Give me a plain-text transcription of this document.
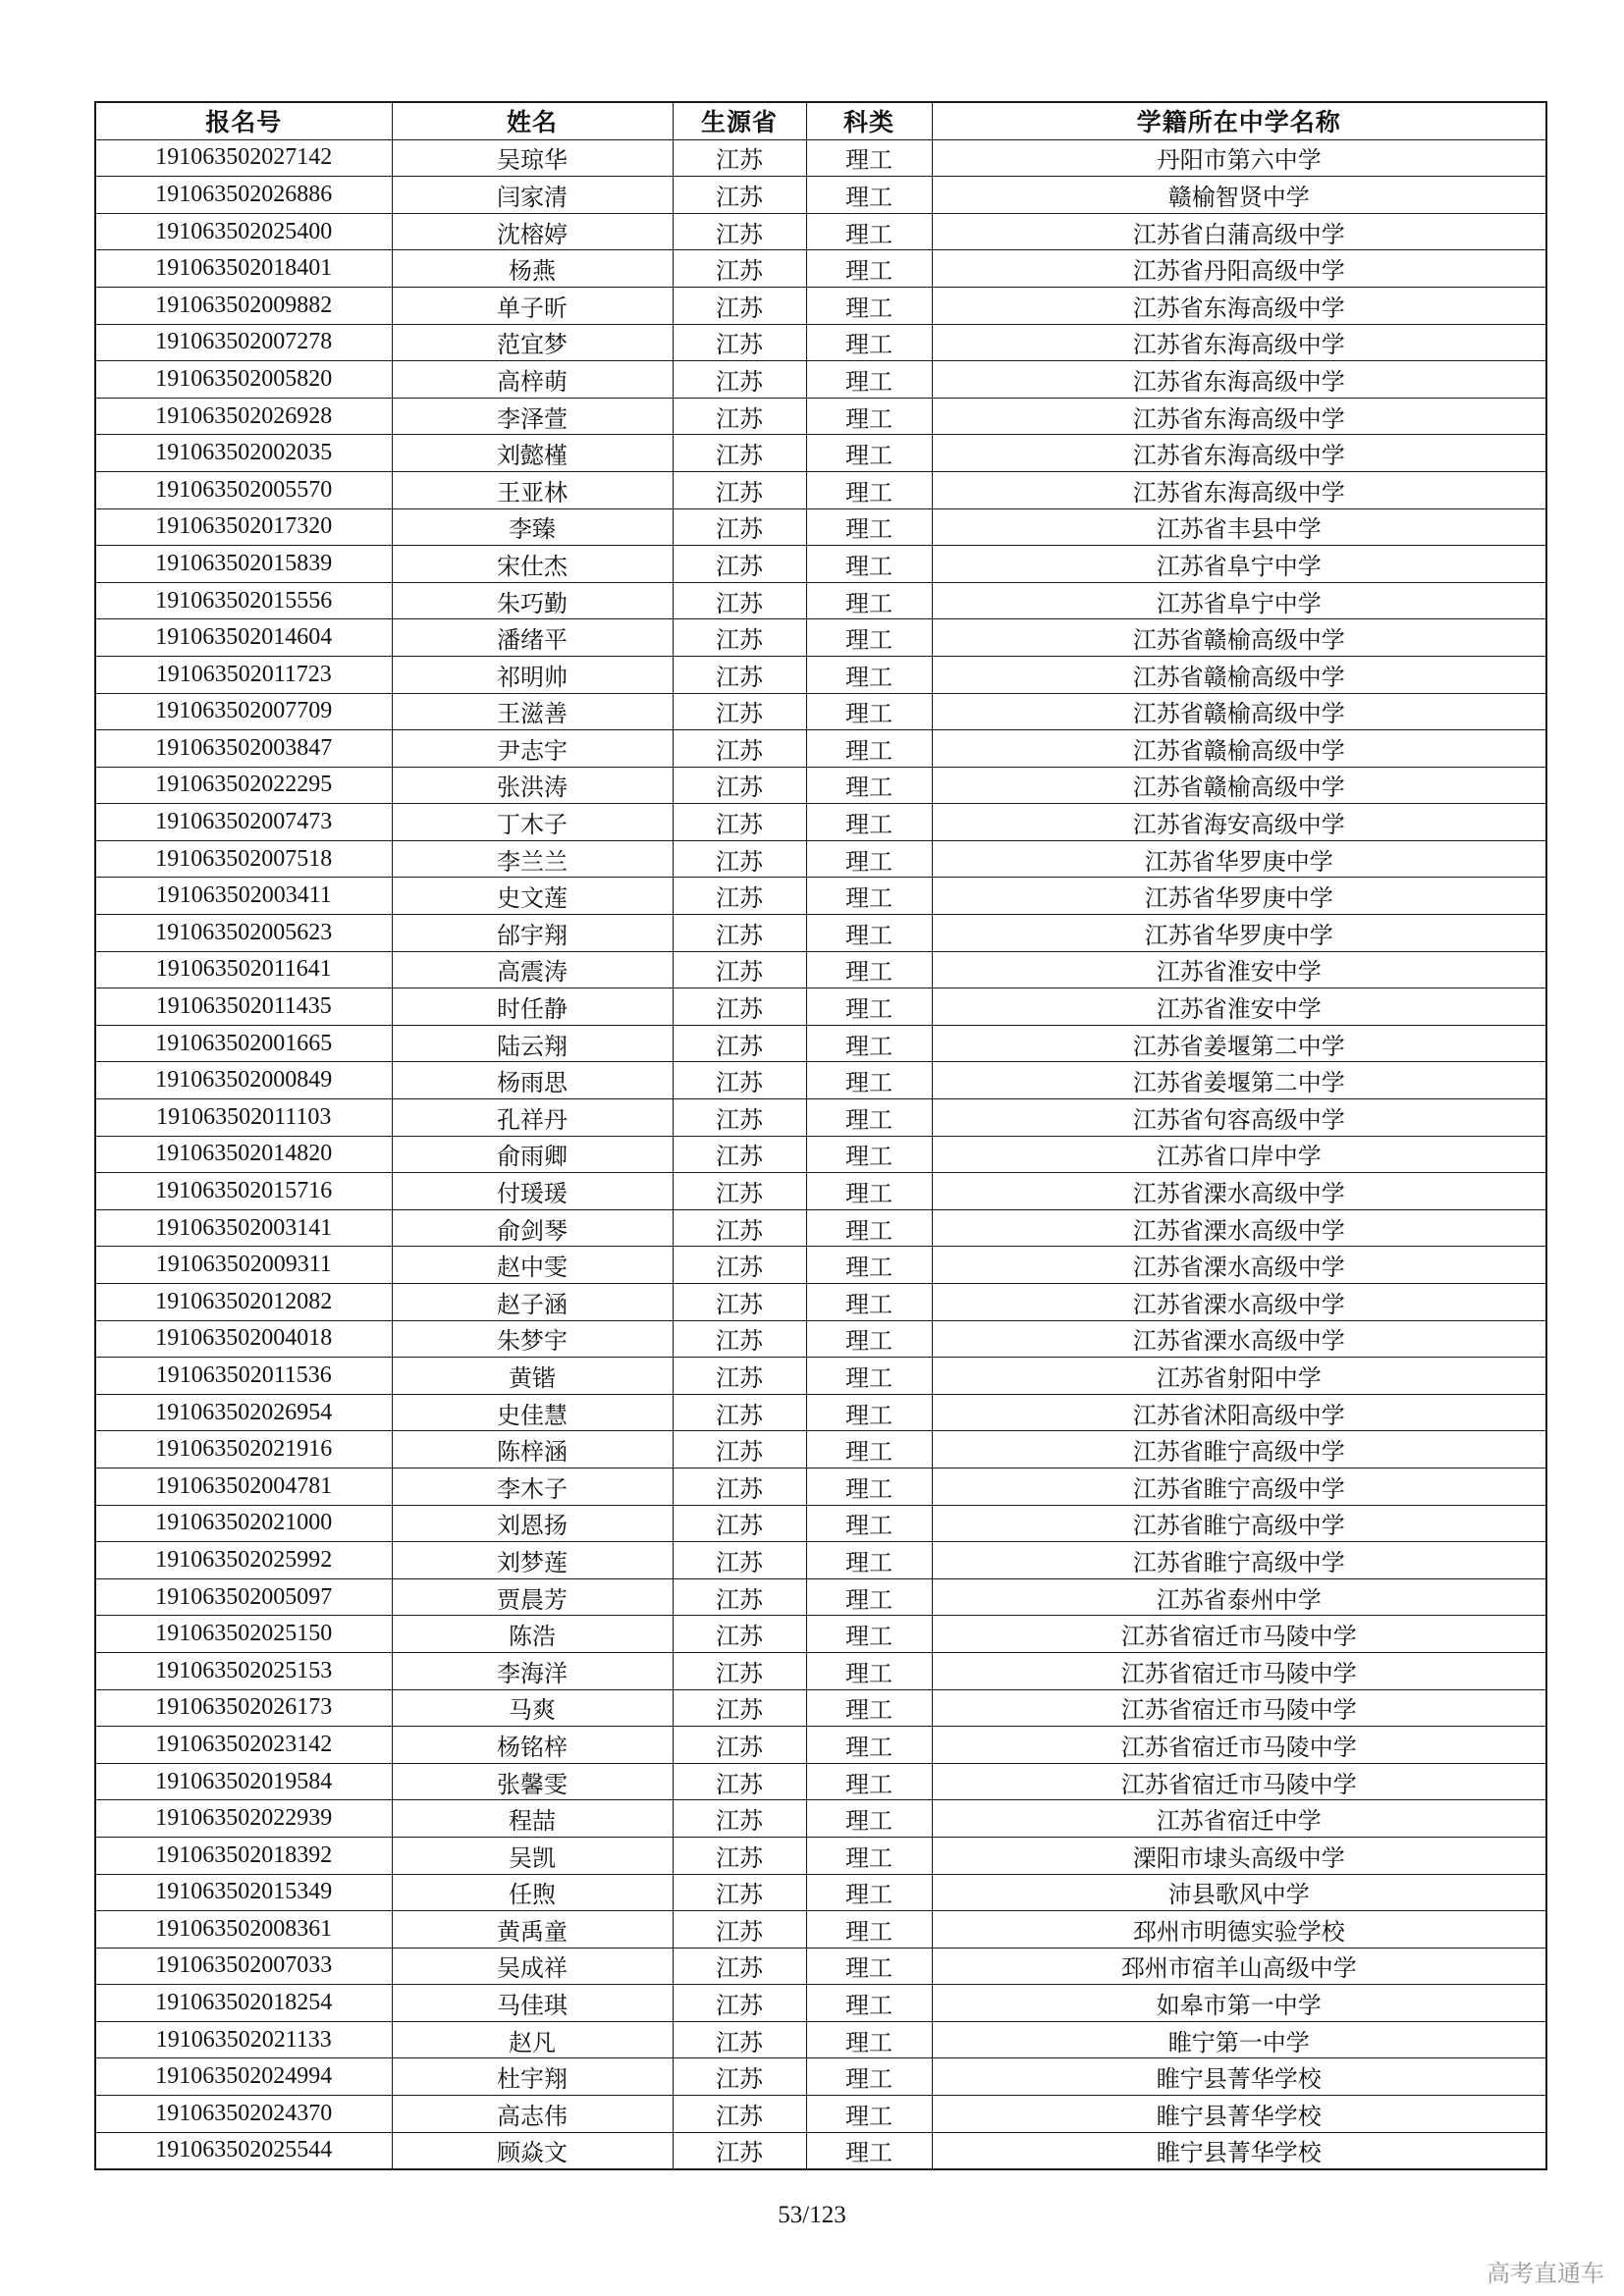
报名号	姓名	生源省	科类	学籍所在中学名称
191063502027142	吴琼华	江苏	理工	丹阳市第六中学
191063502026886	闫家清	江苏	理工	赣榆智贤中学
191063502025400	沈榕婷	江苏	理工	江苏省白蒲高级中学
191063502018401	杨燕	江苏	理工	江苏省丹阳高级中学
191063502009882	单子昕	江苏	理工	江苏省东海高级中学
191063502007278	范宜梦	江苏	理工	江苏省东海高级中学
191063502005820	高梓萌	江苏	理工	江苏省东海高级中学
191063502026928	李泽萱	江苏	理工	江苏省东海高级中学
191063502002035	刘懿槿	江苏	理工	江苏省东海高级中学
191063502005570	王亚林	江苏	理工	江苏省东海高级中学
191063502017320	李臻	江苏	理工	江苏省丰县中学
191063502015839	宋仕杰	江苏	理工	江苏省阜宁中学
191063502015556	朱巧勤	江苏	理工	江苏省阜宁中学
191063502014604	潘绪平	江苏	理工	江苏省赣榆高级中学
191063502011723	祁明帅	江苏	理工	江苏省赣榆高级中学
191063502007709	王滋善	江苏	理工	江苏省赣榆高级中学
191063502003847	尹志宇	江苏	理工	江苏省赣榆高级中学
191063502022295	张洪涛	江苏	理工	江苏省赣榆高级中学
191063502007473	丁木子	江苏	理工	江苏省海安高级中学
191063502007518	李兰兰	江苏	理工	江苏省华罗庚中学
191063502003411	史文莲	江苏	理工	江苏省华罗庚中学
191063502005623	邰宇翔	江苏	理工	江苏省华罗庚中学
191063502011641	高震涛	江苏	理工	江苏省淮安中学
191063502011435	时任静	江苏	理工	江苏省淮安中学
191063502001665	陆云翔	江苏	理工	江苏省姜堰第二中学
191063502000849	杨雨思	江苏	理工	江苏省姜堰第二中学
191063502011103	孔祥丹	江苏	理工	江苏省句容高级中学
191063502014820	俞雨卿	江苏	理工	江苏省口岸中学
191063502015716	付瑗瑗	江苏	理工	江苏省溧水高级中学
191063502003141	俞剑琴	江苏	理工	江苏省溧水高级中学
191063502009311	赵中雯	江苏	理工	江苏省溧水高级中学
191063502012082	赵子涵	江苏	理工	江苏省溧水高级中学
191063502004018	朱梦宇	江苏	理工	江苏省溧水高级中学
191063502011536	黄锴	江苏	理工	江苏省射阳中学
191063502026954	史佳慧	江苏	理工	江苏省沭阳高级中学
191063502021916	陈梓涵	江苏	理工	江苏省睢宁高级中学
191063502004781	李木子	江苏	理工	江苏省睢宁高级中学
191063502021000	刘恩扬	江苏	理工	江苏省睢宁高级中学
191063502025992	刘梦莲	江苏	理工	江苏省睢宁高级中学
191063502005097	贾晨芳	江苏	理工	江苏省泰州中学
191063502025150	陈浩	江苏	理工	江苏省宿迁市马陵中学
191063502025153	李海洋	江苏	理工	江苏省宿迁市马陵中学
191063502026173	马爽	江苏	理工	江苏省宿迁市马陵中学
191063502023142	杨铭梓	江苏	理工	江苏省宿迁市马陵中学
191063502019584	张馨雯	江苏	理工	江苏省宿迁市马陵中学
191063502022939	程喆	江苏	理工	江苏省宿迁中学
191063502018392	吴凯	江苏	理工	溧阳市埭头高级中学
191063502015349	任煦	江苏	理工	沛县歌风中学
191063502008361	黄禹童	江苏	理工	邳州市明德实验学校
191063502007033	吴成祥	江苏	理工	邳州市宿羊山高级中学
191063502018254	马佳琪	江苏	理工	如皋市第一中学
191063502021133	赵凡	江苏	理工	睢宁第一中学
191063502024994	杜宇翔	江苏	理工	睢宁县菁华学校
191063502024370	高志伟	江苏	理工	睢宁县菁华学校
191063502025544	顾焱文	江苏	理工	睢宁县菁华学校
53/123
高考直通车
